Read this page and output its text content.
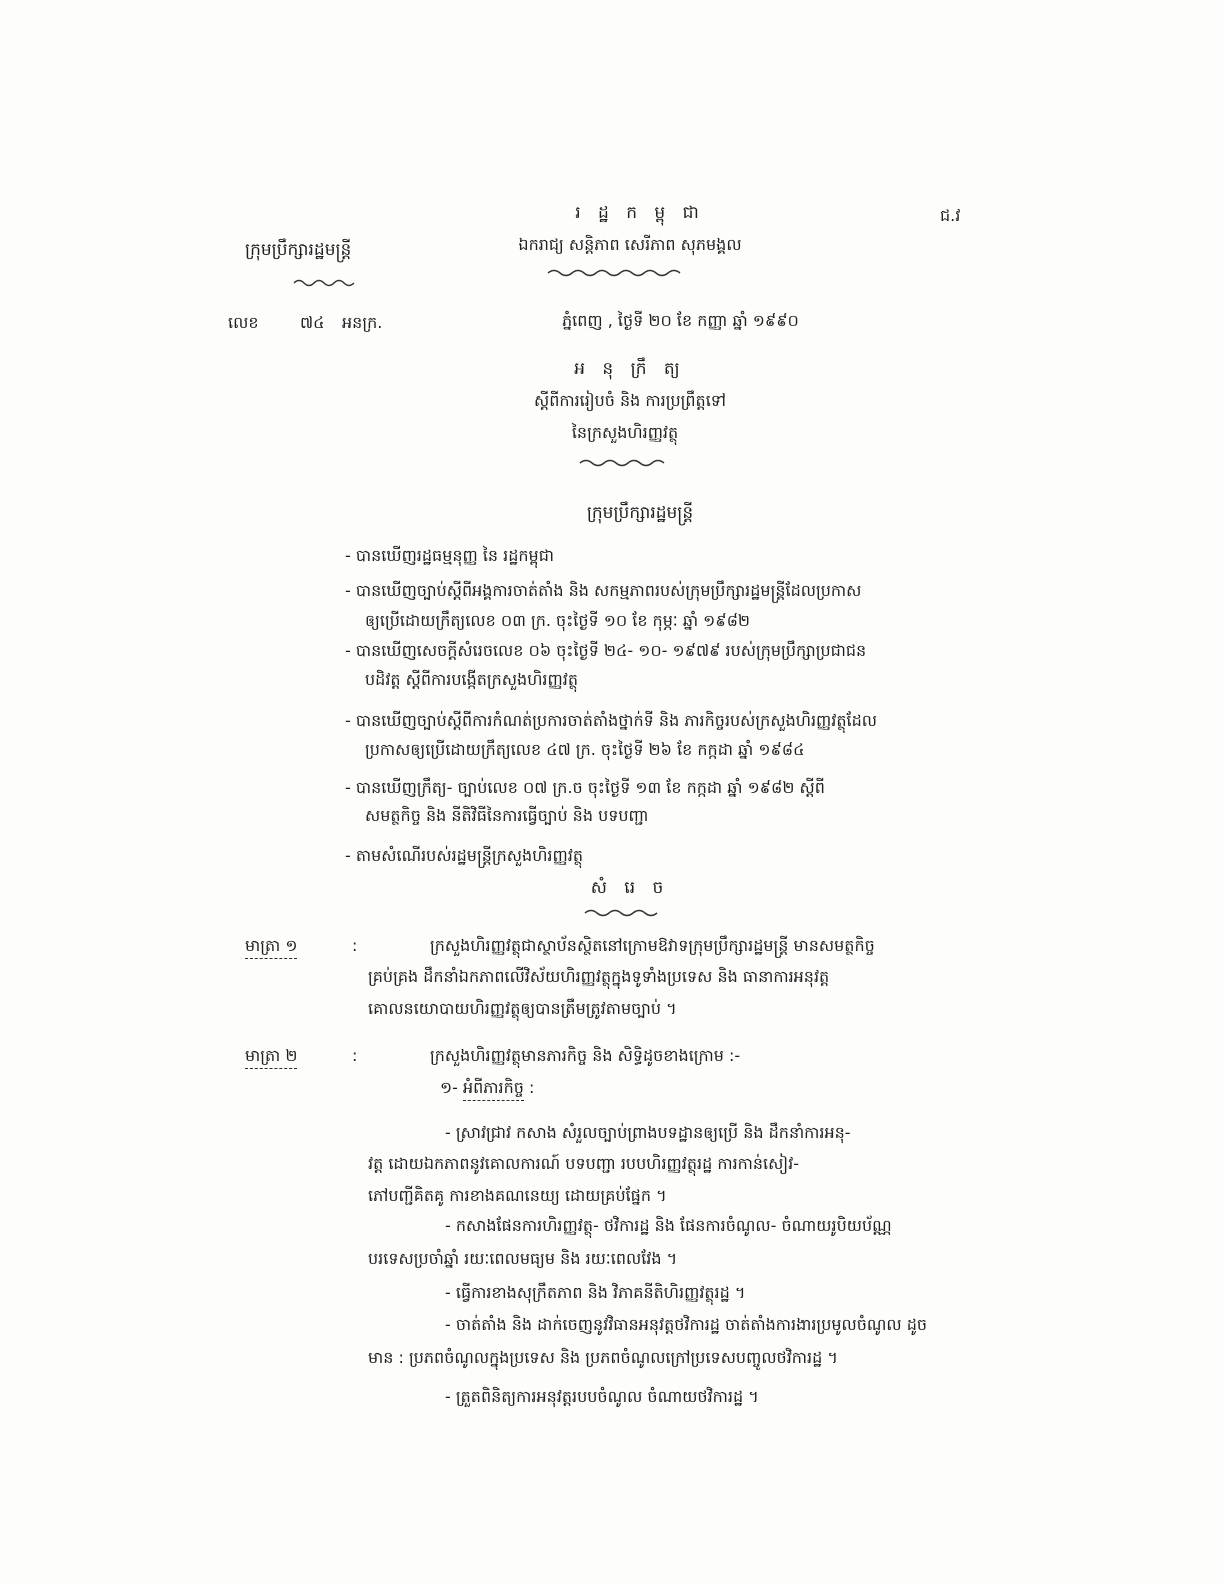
រ ដ្ឋ ក ម្ពុ ជា	ជ.វ
ក្រុមប្រឹក្សារដ្ឋមន្ត្រី	ឯករាជ្យ សន្តិភាព សេរីភាព សុភមង្គល
លេខ	៧៤	អនក្រ.	ភ្នំពេញ , ថ្ងៃទី ២០ ខែ កញ្ញា ឆ្នាំ ១៩៩០
អ នុ ក្រឹ ត្យ
ស្តីពីការរៀបចំ និង ការប្រព្រឹត្តទៅ
នៃក្រសួងហិរញ្ញវត្ថុ
ក្រុមប្រឹក្សារដ្ឋមន្ត្រី
- បានឃើញរដ្ឋធម្មនុញ្ញ នៃ រដ្ឋកម្ពុជា
- បានឃើញច្បាប់ស្តីពីអង្គការចាត់តាំង និង សកម្មភាពរបស់ក្រុមប្រឹក្សារដ្ឋមន្ត្រីដែលប្រកាស
ឲ្យប្រើដោយក្រឹត្យលេខ ០៣ ក្រ. ចុះថ្ងៃទី ១០ ខែ កុម្ភៈ ឆ្នាំ ១៩៨២
- បានឃើញសេចក្តីសំរេចលេខ ០៦ ចុះថ្ងៃទី ២៤- ១០- ១៩៧៩ របស់ក្រុមប្រឹក្សាប្រជាជន
បដិវត្ត ស្តីពីការបង្កើតក្រសួងហិរញ្ញវត្ថុ
- បានឃើញច្បាប់ស្តីពីការកំណត់ប្រការចាត់តាំងថ្នាក់ទី និង ភារកិច្ចរបស់ក្រសួងហិរញ្ញវត្ថុដែល
ប្រកាសឲ្យប្រើដោយក្រឹត្យលេខ ៤៧ ក្រ. ចុះថ្ងៃទី ២៦ ខែ កក្កដា ឆ្នាំ ១៩៨៤
- បានឃើញក្រឹត្យ- ច្បាប់លេខ ០៧ ក្រ.ច ចុះថ្ងៃទី ១៣ ខែ កក្កដា ឆ្នាំ ១៩៨២ ស្តីពី
សមត្ថកិច្ច និង នីតិវិធីនៃការធ្វើច្បាប់ និង បទបញ្ជា
- តាមសំណើរបស់រដ្ឋមន្ត្រីក្រសួងហិរញ្ញវត្ថុ
សំ រេ ច
មាត្រា ១	:	ក្រសួងហិរញ្ញវត្ថុជាស្ថាប័នស្ថិតនៅក្រោមឱវាទក្រុមប្រឹក្សារដ្ឋមន្ត្រី មានសមត្ថកិច្ច
គ្រប់គ្រង ដឹកនាំឯកភាពលើវិស័យហិរញ្ញវត្ថុក្នុងទូទាំងប្រទេស និង ធានាការអនុវត្ត
គោលនយោបាយហិរញ្ញវត្ថុឲ្យបានត្រឹមត្រូវតាមច្បាប់ ។
មាត្រា ២	:	ក្រសួងហិរញ្ញវត្ថុមានភារកិច្ច និង សិទ្ធិដូចខាងក្រោម :-
១- អំពីភារកិច្ច :
- ស្រាវជ្រាវ កសាង សំរួលច្បាប់ព្រាងបទដ្ឋានឲ្យប្រើ និង ដឹកនាំការអនុ-
វត្ត ដោយឯកភាពនូវគោលការណ៍ បទបញ្ជា របបហិរញ្ញវត្ថុរដ្ឋ ការកាន់សៀវ-
ភៅបញ្ជីគិតគូ ការខាងគណនេយ្យ ដោយគ្រប់ផ្នែក ។
- កសាងផែនការហិរញ្ញវត្ថុ- ថវិការដ្ឋ និង ផែនការចំណូល- ចំណាយរូបិយប័ណ្ណ
បរទេសប្រចាំឆ្នាំ រយៈពេលមធ្យម និង រយៈពេលវែង ។
- ធ្វើការខាងសុក្រឹតភាព និង វិភាគនីតិហិរញ្ញវត្ថុរដ្ឋ ។
- ចាត់តាំង និង ដាក់ចេញនូវវិធានអនុវត្តថវិការដ្ឋ ចាត់តាំងការងារប្រមូលចំណូល ដូច
មាន : ប្រភពចំណូលក្នុងប្រទេស និង ប្រភពចំណូលក្រៅប្រទេសបញ្ចូលថវិការដ្ឋ ។
- ត្រួតពិនិត្យការអនុវត្តរបបចំណូល ចំណាយថវិការដ្ឋ ។
